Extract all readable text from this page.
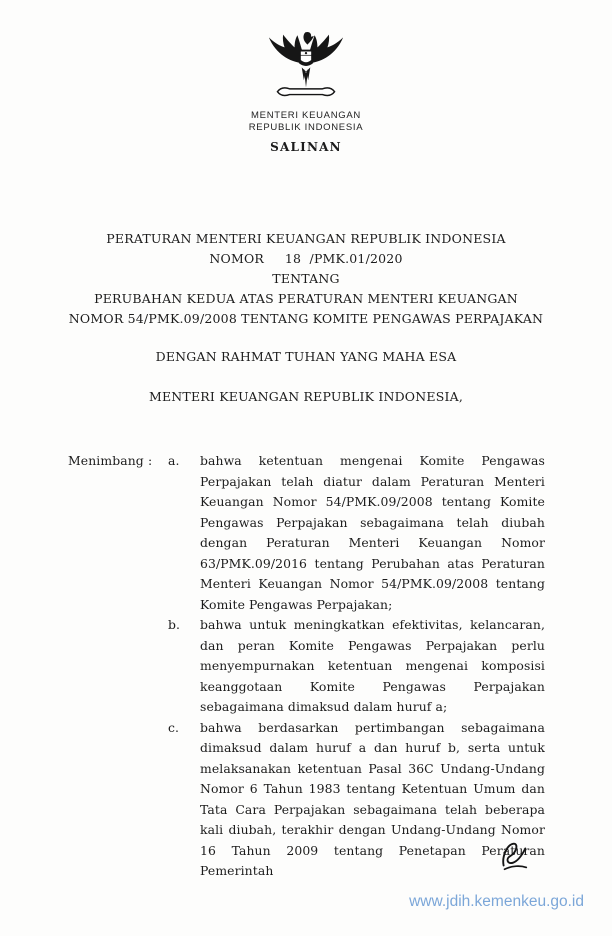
MENTERI KEUANGAN
REPUBLIK INDONESIA
SALINAN
PERATURAN MENTERI KEUANGAN REPUBLIK INDONESIA
NOMOR     18  /PMK.01/2020
TENTANG
PERUBAHAN KEDUA ATAS PERATURAN MENTERI KEUANGAN
NOMOR 54/PMK.09/2008 TENTANG KOMITE PENGAWAS PERPAJAKAN
DENGAN RAHMAT TUHAN YANG MAHA ESA
MENTERI KEUANGAN REPUBLIK INDONESIA,
Menimbang :	a.	bahwa ketentuan mengenai Komite Pengawas Perpajakan telah diatur dalam Peraturan Menteri Keuangan Nomor 54/PMK.09/2008 tentang Komite Pengawas Perpajakan sebagaimana telah diubah dengan Peraturan Menteri Keuangan Nomor 63/PMK.09/2016 tentang Perubahan atas Peraturan Menteri Keuangan Nomor 54/PMK.09/2008 tentang Komite Pengawas Perpajakan;
b.	bahwa untuk meningkatkan efektivitas, kelancaran, dan peran Komite Pengawas Perpajakan perlu menyempurnakan ketentuan mengenai komposisi keanggotaan Komite Pengawas Perpajakan sebagaimana dimaksud dalam huruf a;
c.	bahwa berdasarkan pertimbangan sebagaimana dimaksud dalam huruf a dan huruf b, serta untuk melaksanakan ketentuan Pasal 36C Undang-Undang Nomor 6 Tahun 1983 tentang Ketentuan Umum dan Tata Cara Perpajakan sebagaimana telah beberapa kali diubah, terakhir dengan Undang-Undang Nomor 16 Tahun 2009 tentang Penetapan Peraturan Pemerintah
www.jdih.kemenkeu.go.id
